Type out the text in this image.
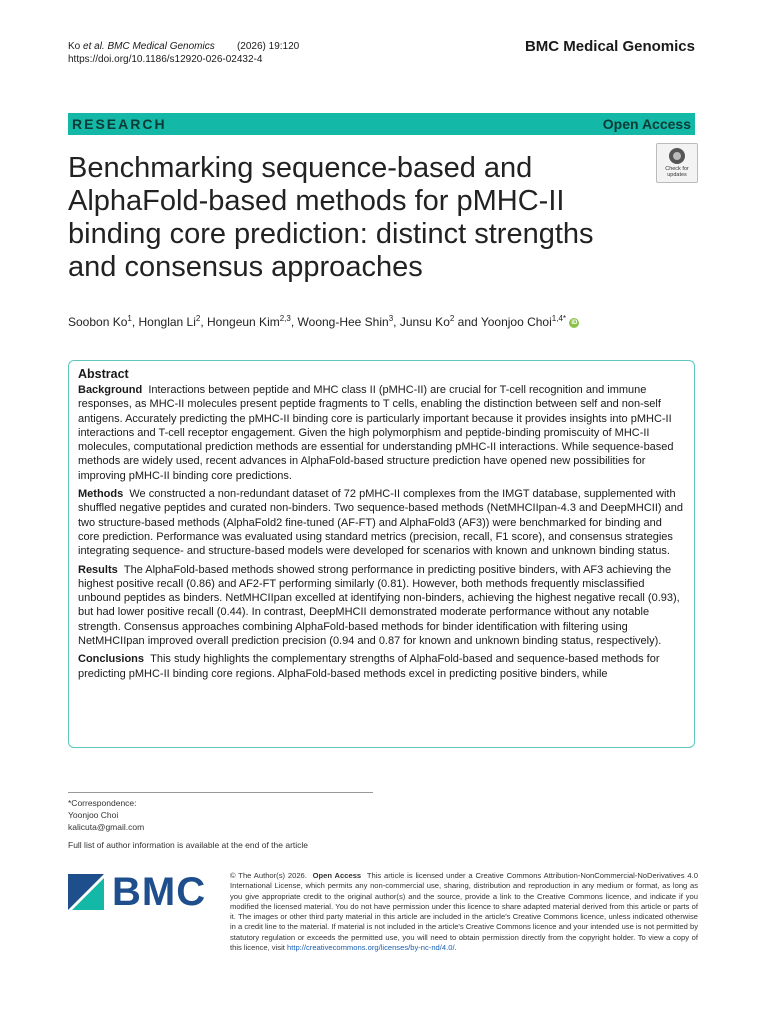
Ko et al. BMC Medical Genomics (2026) 19:120
https://doi.org/10.1186/s12920-026-02432-4
BMC Medical Genomics
RESEARCH	Open Access
Check for updates
Benchmarking sequence-based and AlphaFold-based methods for pMHC-II binding core prediction: distinct strengths and consensus approaches
Soobon Ko$^1$, Honglan Li$^2$, Hongeun Kim$^{2,3}$, Woong-Hee Shin$^3$, Junsu Ko$^2$ and Yoonjoo Choi$^{1,4*}$ iD
Abstract

Background Interactions between peptide and MHC class II (pMHC-II) are crucial for T-cell recognition and immune responses, as MHC-II molecules present peptide fragments to T cells, enabling the distinction between self and non-self antigens. Accurately predicting the pMHC-II binding core is particularly important because it provides insights into pMHC-II interactions and T-cell receptor engagement. Given the high polymorphism and peptide-binding promiscuity of MHC-II molecules, computational prediction methods are essential for understanding pMHC-II interactions. While sequence-based methods are widely used, recent advances in AlphaFold-based structure prediction have opened new possibilities for improving pMHC-II binding core predictions.

Methods We constructed a non-redundant dataset of 72 pMHC-II complexes from the IMGT database, supplemented with shuffled negative peptides and curated non-binders. Two sequence-based methods (NetMHCIIpan-4.3 and DeepMHCII) and two structure-based methods (AlphaFold2 fine-tuned (AF-FT) and AlphaFold3 (AF3)) were benchmarked for binding and core prediction. Performance was evaluated using standard metrics (precision, recall, F1 score), and consensus strategies integrating sequence- and structure-based models were developed for scenarios with known and unknown binding status.

Results The AlphaFold-based methods showed strong performance in predicting positive binders, with AF3 achieving the highest positive recall (0.86) and AF2-FT performing similarly (0.81). However, both methods frequently misclassified unbound peptides as binders. NetMHCIIpan excelled at identifying non-binders, achieving the highest negative recall (0.93), but had lower positive recall (0.44). In contrast, DeepMHCII demonstrated moderate performance without any notable strength. Consensus approaches combining AlphaFold-based methods for binder identification with filtering using NetMHCIIpan improved overall prediction precision (0.94 and 0.87 for known and unknown binding status, respectively).

Conclusions This study highlights the complementary strengths of AlphaFold-based and sequence-based methods for predicting pMHC-II binding core regions. AlphaFold-based methods excel in predicting positive binders, while

*Correspondence:
Yoonjoo Choi
kalicuta@gmail.com
Full list of author information is available at the end of the article
BMC	© The Author(s) 2026. Open Access This article is licensed under a Creative Commons Attribution-NonCommercial-NoDerivatives 4.0 International License, which permits any non-commercial use, sharing, distribution and reproduction in any medium or format, as long as you give appropriate credit to the original author(s) and the source, provide a link to the Creative Commons licence, and indicate if you modified the licensed material. You do not have permission under this licence to share adapted material derived from this article or parts of it. The images or other third party material in this article are included in the article's Creative Commons licence, unless indicated otherwise in a credit line to the material. If material is not included in the article's Creative Commons licence and your intended use is not permitted by statutory regulation or exceeds the permitted use, you will need to obtain permission directly from the copyright holder. To view a copy of this licence, visit http://creativecommons.org/licenses/by-nc-nd/4.0/.
